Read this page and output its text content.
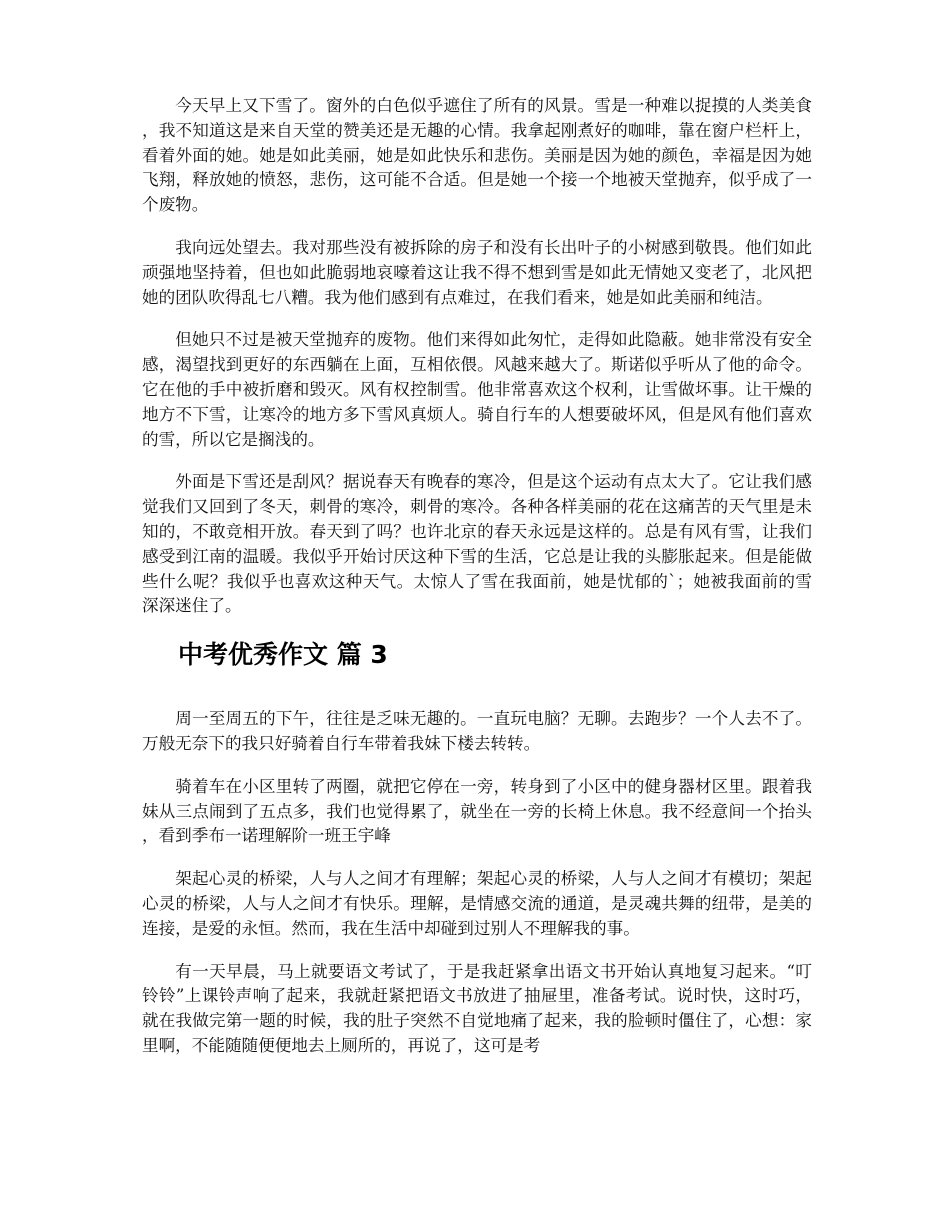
今天早上又下雪了。窗外的白色似乎遮住了所有的风景。雪是一种难以捉摸的人类美食，我不知道这是来自天堂的赞美还是无趣的心情。我拿起刚煮好的咖啡，靠在窗户栏杆上，看着外面的她。她是如此美丽，她是如此快乐和悲伤。美丽是因为她的颜色，幸福是因为她飞翔，释放她的愤怒，悲伤，这可能不合适。但是她一个接一个地被天堂抛弃，似乎成了一个废物。

我向远处望去。我对那些没有被拆除的房子和没有长出叶子的小树感到敬畏。他们如此顽强地坚持着，但也如此脆弱地哀嚎着这让我不得不想到雪是如此无情她又变老了，北风把她的团队吹得乱七八糟。我为他们感到有点难过，在我们看来，她是如此美丽和纯洁。

但她只不过是被天堂抛弃的废物。他们来得如此匆忙，走得如此隐蔽。她非常没有安全感，渴望找到更好的东西躺在上面，互相依偎。风越来越大了。斯诺似乎听从了他的命令。它在他的手中被折磨和毁灭。风有权控制雪。他非常喜欢这个权利，让雪做坏事。让干燥的地方不下雪，让寒冷的地方多下雪风真烦人。骑自行车的人想要破坏风，但是风有他们喜欢的雪，所以它是搁浅的。

外面是下雪还是刮风？据说春天有晚春的寒冷，但是这个运动有点太大了。它让我们感觉我们又回到了冬天，刺骨的寒冷，刺骨的寒冷。各种各样美丽的花在这痛苦的天气里是未知的，不敢竞相开放。春天到了吗？也许北京的春天永远是这样的。总是有风有雪，让我们感受到江南的温暖。我似乎开始讨厌这种下雪的生活，它总是让我的头膨胀起来。但是能做些什么呢？我似乎也喜欢这种天气。太惊人了雪在我面前，她是忧郁的`；她被我面前的雪深深迷住了。

中考优秀作文 篇 3

周一至周五的下午，往往是乏味无趣的。一直玩电脑？无聊。去跑步？一个人去不了。万般无奈下的我只好骑着自行车带着我妹下楼去转转。

骑着车在小区里转了两圈，就把它停在一旁，转身到了小区中的健身器材区里。跟着我妹从三点闹到了五点多，我们也觉得累了，就坐在一旁的长椅上休息。我不经意间一个抬头，看到季布一诺理解阶一班王宇峰

架起心灵的桥梁，人与人之间才有理解；架起心灵的桥梁，人与人之间才有模切；架起心灵的桥梁，人与人之间才有快乐。理解，是情感交流的通道，是灵魂共舞的纽带，是美的连接，是爱的永恒。然而，我在生活中却碰到过别人不理解我的事。

有一天早晨，马上就要语文考试了，于是我赶紧拿出语文书开始认真地复习起来。“叮铃铃”上课铃声响了起来，我就赶紧把语文书放进了抽屉里，准备考试。说时快，这时巧，就在我做完第一题的时候，我的肚子突然不自觉地痛了起来，我的脸顿时僵住了，心想：家里啊，不能随随便便地去上厕所的，再说了，这可是考
